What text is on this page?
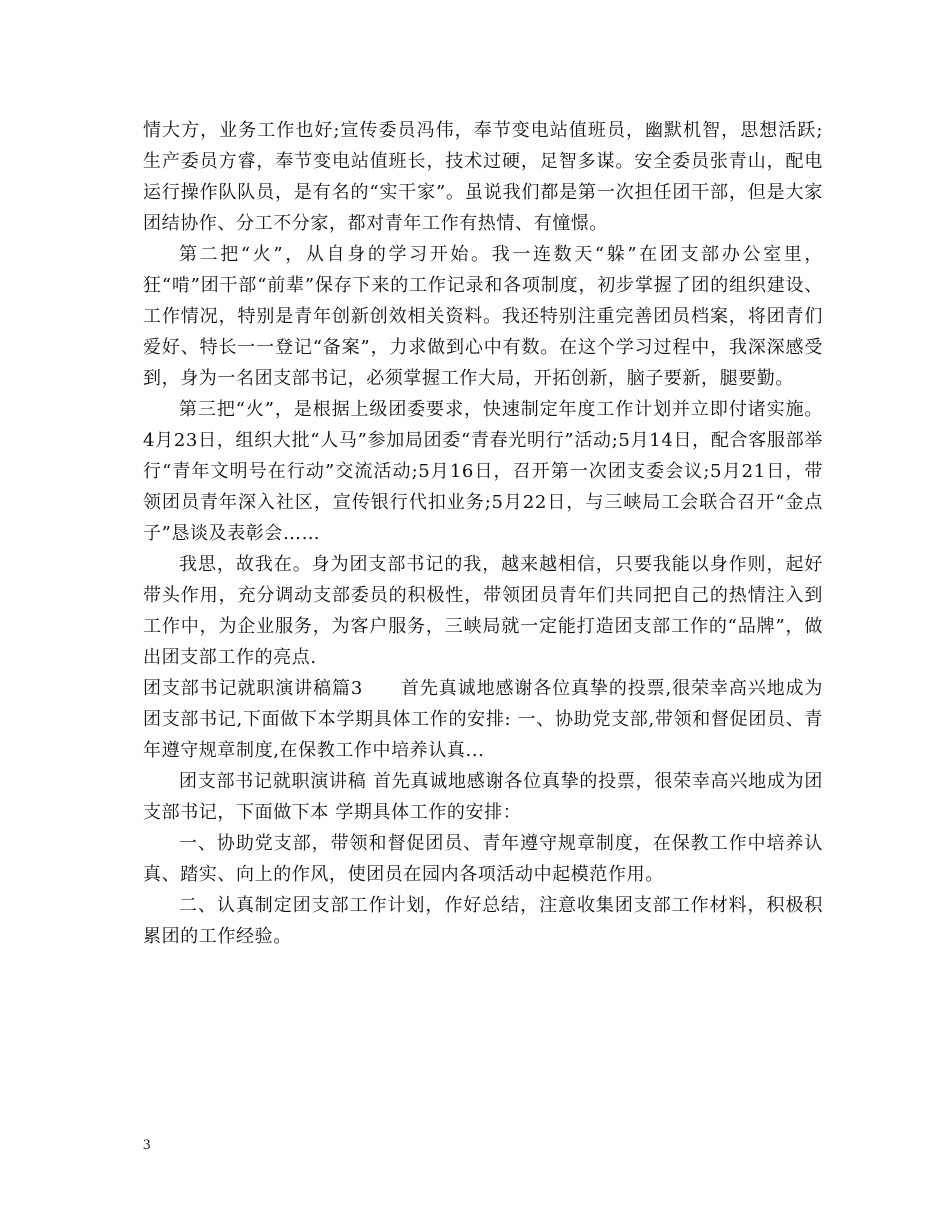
情大方，业务工作也好;宣传委员冯伟，奉节变电站值班员，幽默机智，思想活跃;生产委员方睿，奉节变电站值班长，技术过硬，足智多谋。安全委员张青山，配电运行操作队队员，是有名的“实干家”。虽说我们都是第一次担任团干部，但是大家团结协作、分工不分家，都对青年工作有热情、有憧憬。

第二把“火”，从自身的学习开始。我一连数天“躲”在团支部办公室里，狂“啃”团干部“前辈”保存下来的工作记录和各项制度，初步掌握了团的组织建设、工作情况，特别是青年创新创效相关资料。我还特别注重完善团员档案，将团青们爱好、特长一一登记“备案”，力求做到心中有数。在这个学习过程中，我深深感受到，身为一名团支部书记，必须掌握工作大局，开拓创新，脑子要新，腿要勤。

第三把“火”，是根据上级团委要求，快速制定年度工作计划并立即付诸实施。4月23日，组织大批“人马”参加局团委“青春光明行”活动;5月14日，配合客服部举行“青年文明号在行动”交流活动;5月16日，召开第一次团支委会议;5月21日，带领团员青年深入社区，宣传银行代扣业务;5月22日，与三峡局工会联合召开“金点子”恳谈及表彰会……

我思，故我在。身为团支部书记的我，越来越相信，只要我能以身作则，起好带头作用，充分调动支部委员的积极性，带领团员青年们共同把自己的热情注入到工作中，为企业服务，为客户服务，三峡局就一定能打造团支部工作的“品牌”，做出团支部工作的亮点.

团支部书记就职演讲稿篇3　　首先真诚地感谢各位真挚的投票,很荣幸高兴地成为团支部书记,下面做下本学期具体工作的安排: 一、协助党支部,带领和督促团员、青年遵守规章制度,在保教工作中培养认真...

团支部书记就职演讲稿 首先真诚地感谢各位真挚的投票，很荣幸高兴地成为团支部书记，下面做下本 学期具体工作的安排：

一、协助党支部，带领和督促团员、青年遵守规章制度，在保教工作中培养认 真、踏实、向上的作风，使团员在园内各项活动中起模范作用。

二、认真制定团支部工作计划，作好总结，注意收集团支部工作材料，积极积 累团的工作经验。

3
